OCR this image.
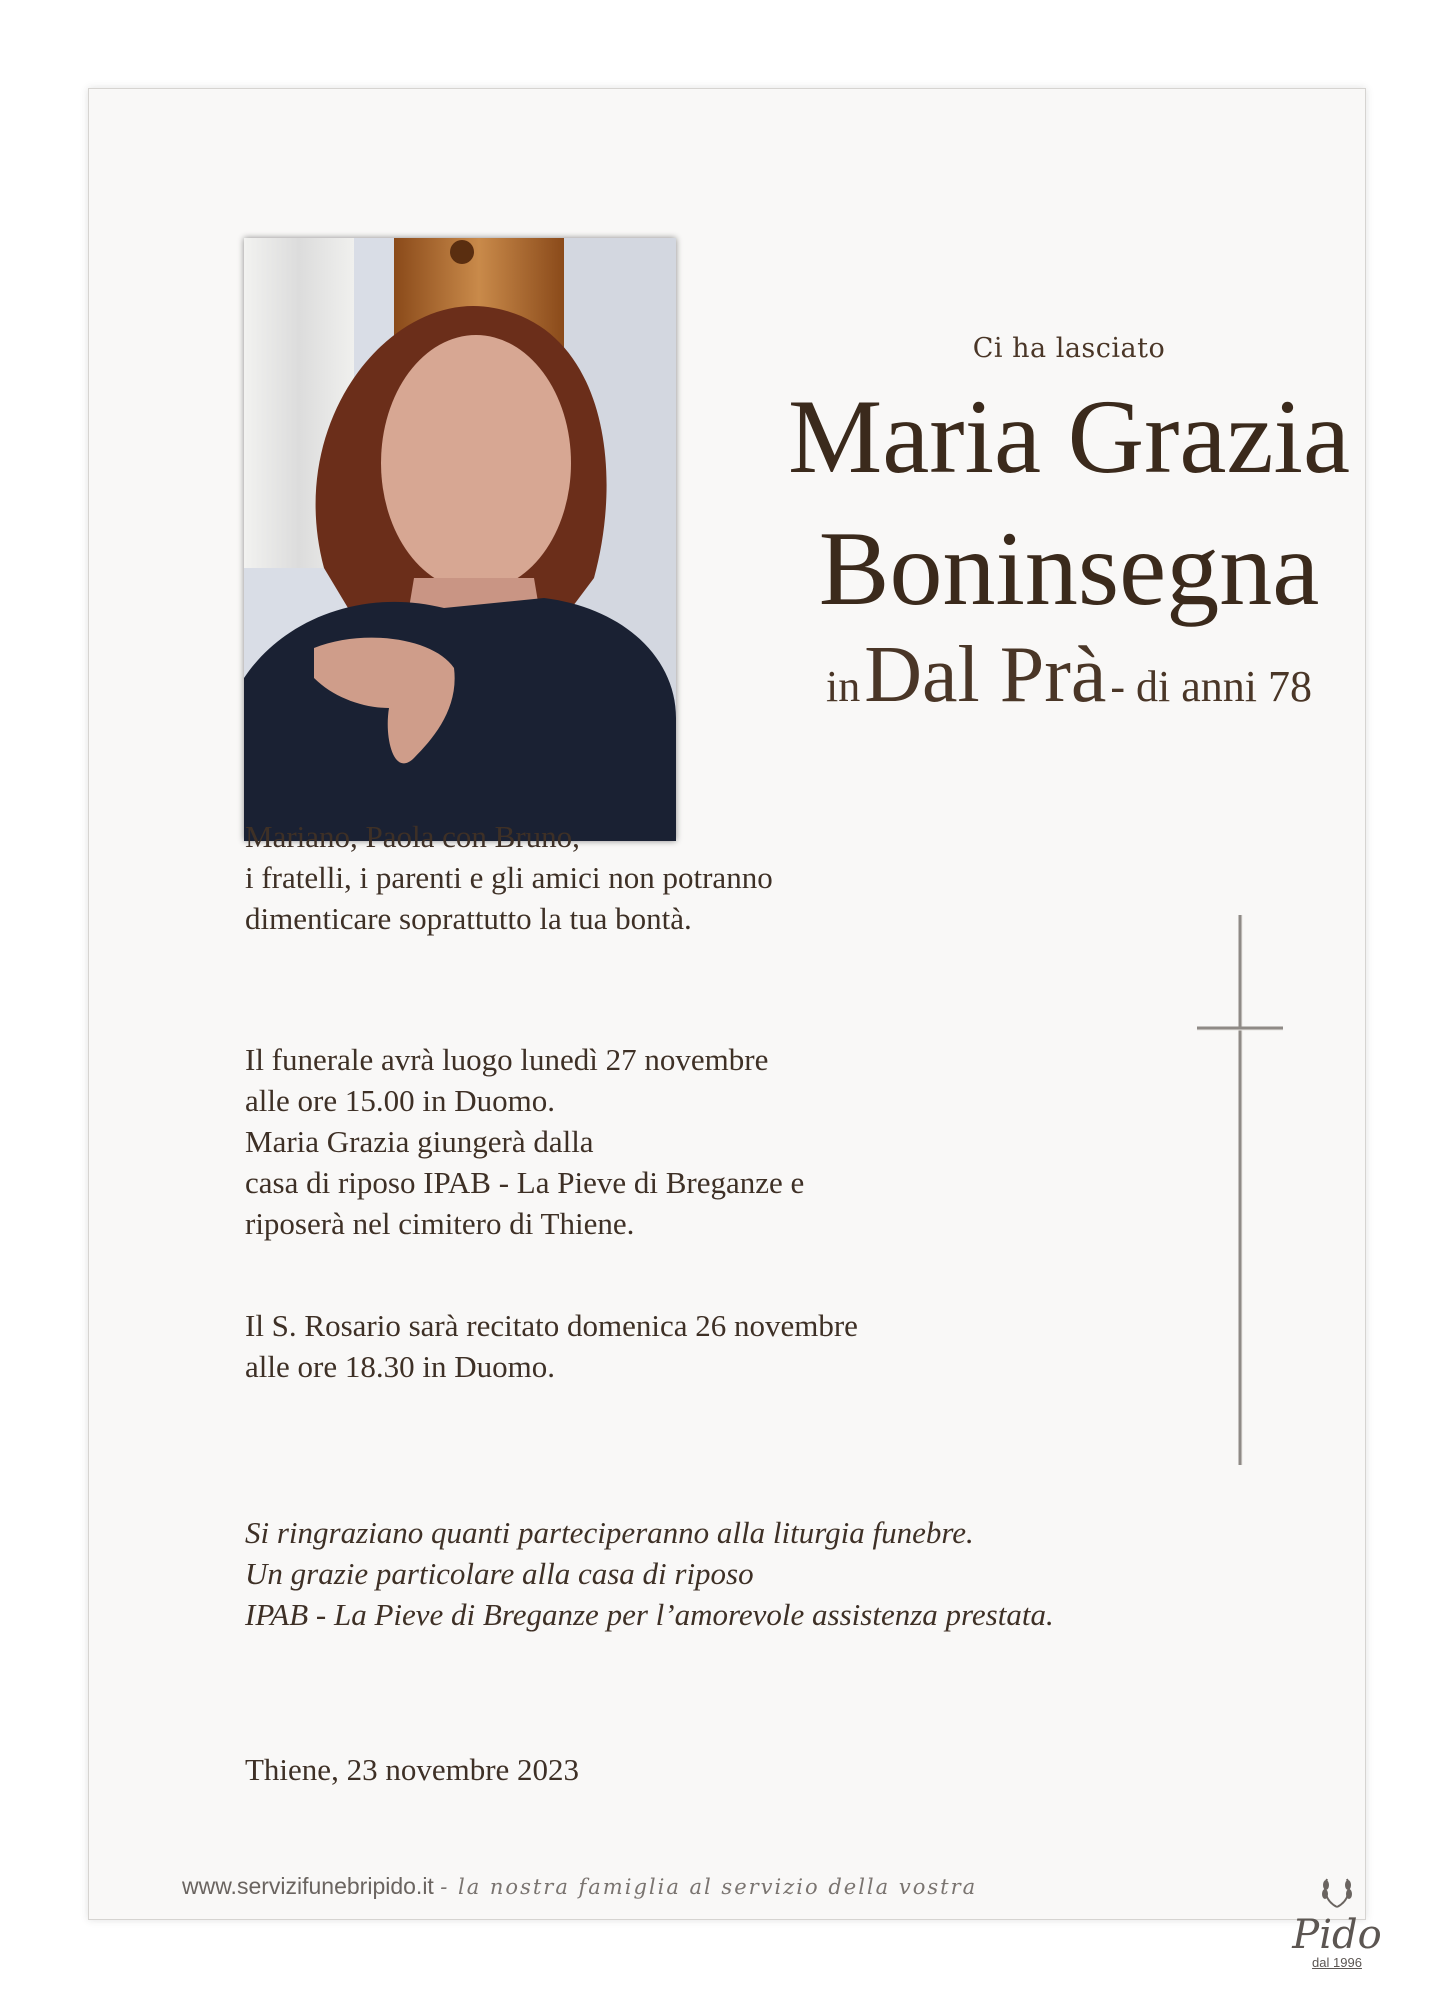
Ci ha lasciato
Maria Grazia
Boninsegna
in Dal Prà - di anni 78

Mariano, Paola con Bruno,

i fratelli, i parenti e gli amici non potranno

dimenticare soprattutto la tua bontà.

Il funerale avrà luogo lunedì 27 novembre

alle ore 15.00 in Duomo.

Maria Grazia giungerà dalla

casa di riposo IPAB - La Pieve di Breganze e

riposerà nel cimitero di Thiene.

Il S. Rosario sarà recitato domenica 26 novembre

alle ore 18.30 in Duomo.

Si ringraziano quanti parteciperanno alla liturgia funebre.

Un grazie particolare alla casa di riposo

IPAB - La Pieve di Breganze per l’amorevole assistenza prestata.

Thiene, 23 novembre 2023
Pido
dal 1996
www.servizifunebripido.it - la nostra famiglia al servizio della vostra
